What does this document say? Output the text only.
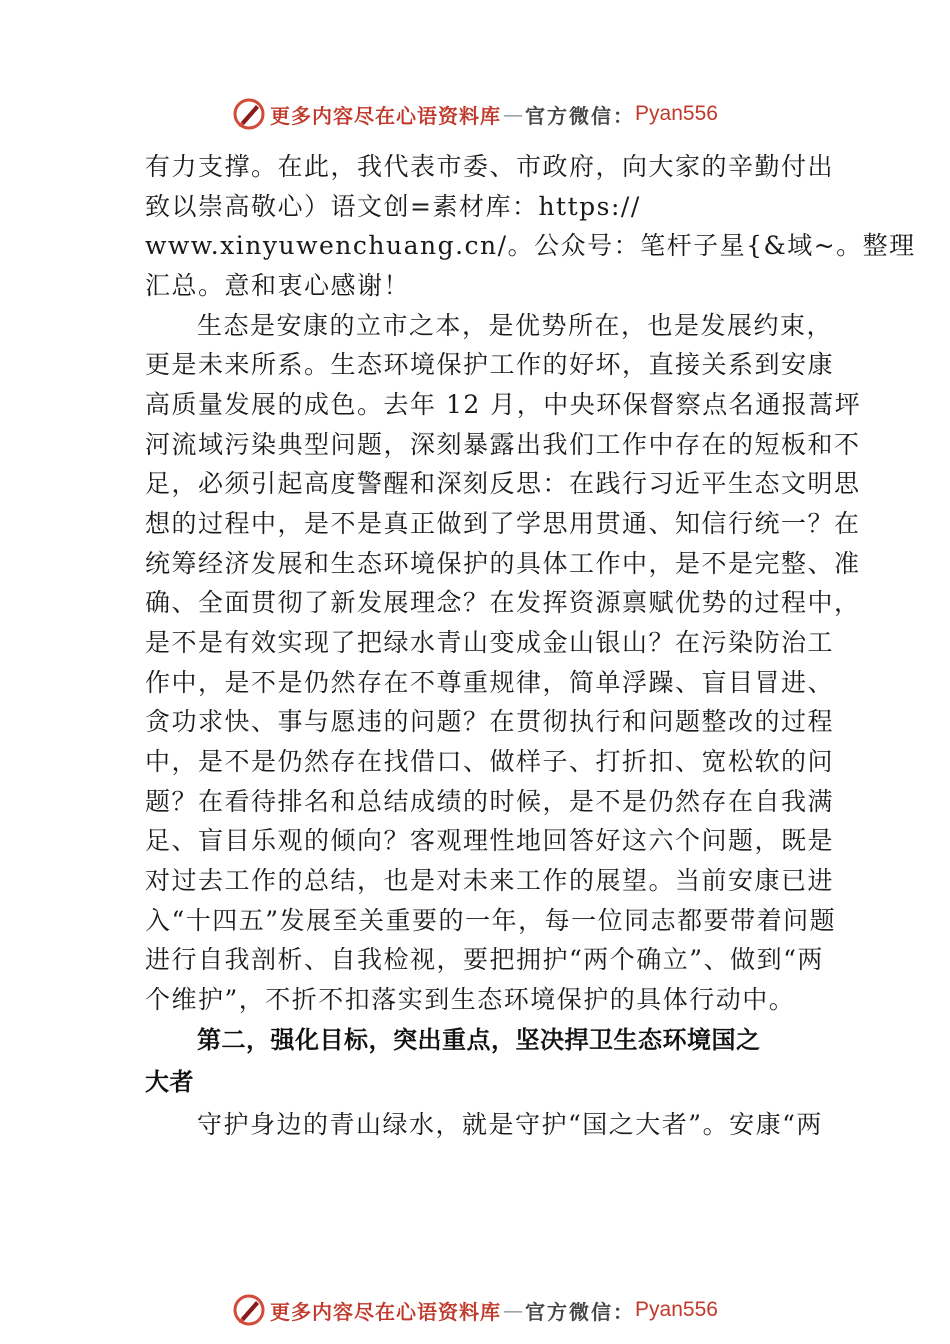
更多内容尽在心语资料库 — 官方微信： Pyan556
有力支撑。在此，我代表市委、市政府，向大家的辛勤付出
致以崇高敬心）语文创=素材库：https://
www.xinyuwenchuang.cn/。公众号：笔杆子星{&域~。整理
汇总。意和衷心感谢！
生态是安康的立市之本，是优势所在，也是发展约束，
更是未来所系。生态环境保护工作的好坏，直接关系到安康
高质量发展的成色。去年 12 月，中央环保督察点名通报蒿坪
河流域污染典型问题，深刻暴露出我们工作中存在的短板和不
足，必须引起高度警醒和深刻反思：在践行习近平生态文明思
想的过程中，是不是真正做到了学思用贯通、知信行统一？在
统筹经济发展和生态环境保护的具体工作中，是不是完整、准
确、全面贯彻了新发展理念？在发挥资源禀赋优势的过程中，
是不是有效实现了把绿水青山变成金山银山？在污染防治工
作中，是不是仍然存在不尊重规律，简单浮躁、盲目冒进、
贪功求快、事与愿违的问题？在贯彻执行和问题整改的过程
中，是不是仍然存在找借口、做样子、打折扣、宽松软的问
题？在看待排名和总结成绩的时候，是不是仍然存在自我满
足、盲目乐观的倾向？客观理性地回答好这六个问题，既是
对过去工作的总结，也是对未来工作的展望。当前安康已进
入“十四五”发展至关重要的一年，每一位同志都要带着问题
进行自我剖析、自我检视，要把拥护“两个确立”、做到“两
个维护”，不折不扣落实到生态环境保护的具体行动中。
第二，强化目标，突出重点，坚决捍卫生态环境国之
大者
守护身边的青山绿水，就是守护“国之大者”。安康“两
更多内容尽在心语资料库 — 官方微信： Pyan556
